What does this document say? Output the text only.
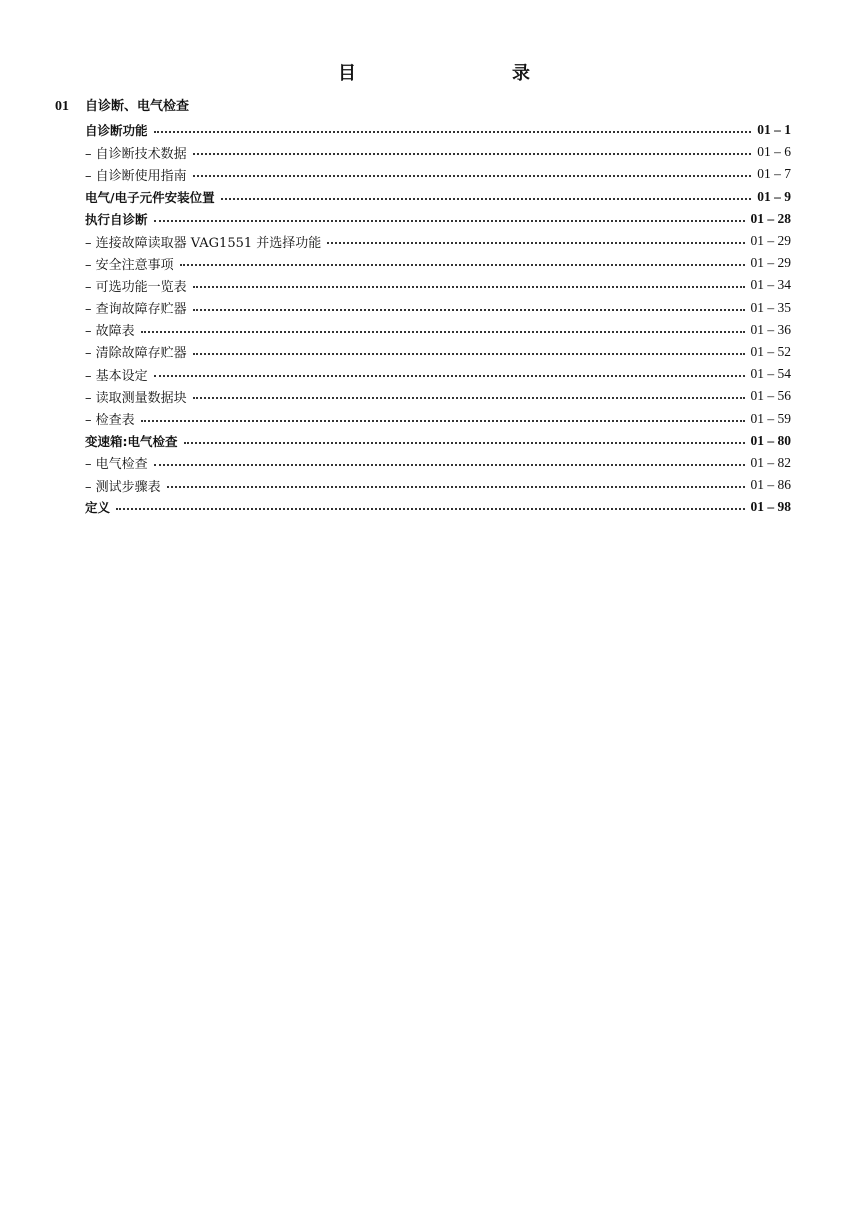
目　　录
01 自诊断、电气检查
自诊断功能	01 – 1
– 自诊断技术数据	01 – 6
– 自诊断使用指南	01 – 7
电气/电子元件安装位置	01 – 9
执行自诊断	01 – 28
– 连接故障读取器 VAG1551 并选择功能	01 – 29
– 安全注意事项	01 – 29
– 可选功能一览表	01 – 34
– 查询故障存贮器	01 – 35
– 故障表	01 – 36
– 清除故障存贮器	01 – 52
– 基本设定	01 – 54
– 读取测量数据块	01 – 56
– 检查表	01 – 59
变速箱:电气检查	01 – 80
– 电气检查	01 – 82
– 测试步骤表	01 – 86
定义	01 – 98
